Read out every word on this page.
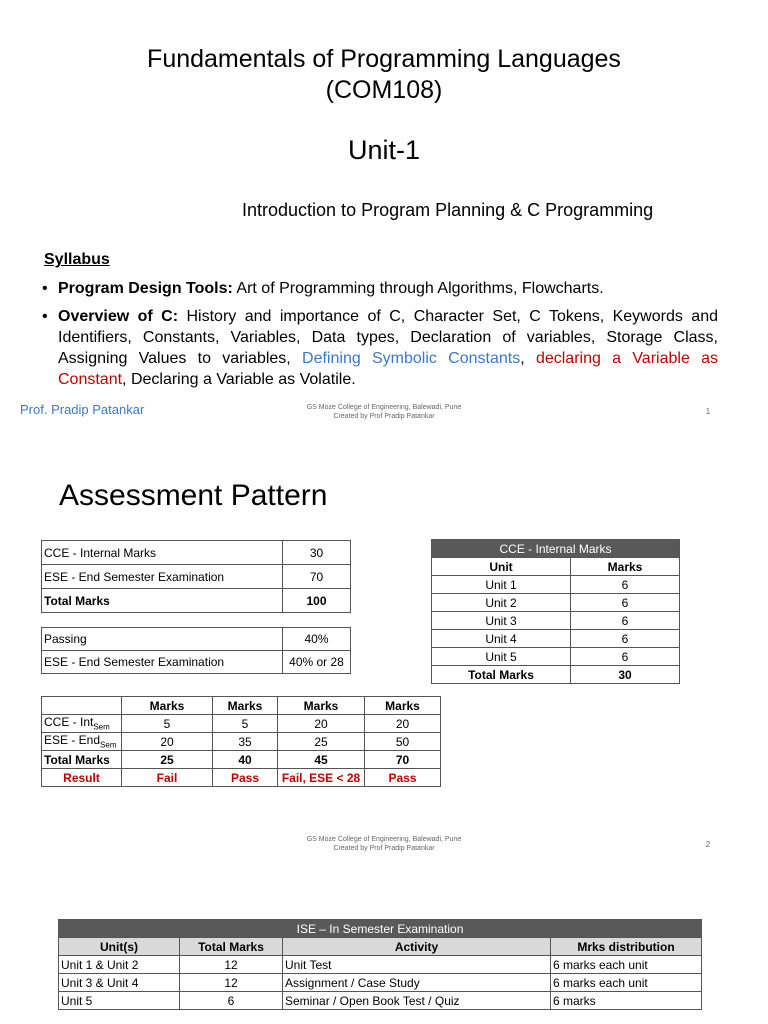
Fundamentals of Programming Languages
(COM108)
Unit-1
Introduction to Program Planning & C Programming
Syllabus
• Program Design Tools: Art of Programming through Algorithms, Flowcharts.
• Overview of C: History and importance of C, Character Set, C Tokens, Keywords and Identifiers, Constants, Variables, Data types, Declaration of variables, Storage Class, Assigning Values to variables, Defining Symbolic Constants, declaring a Variable as Constant, Declaring a Variable as Volatile.
Prof. Pradip Patankar	GS Moze College of Engineering, Balewadi, Pune
Created by Prof Pradip Patankar
1
Assessment Pattern
CCE - Internal Marks	30
ESE - End Semester Examination	70
Total Marks	100
Passing	40%
ESE - End Semester Examination	40% or 28
CCE - Internal Marks	
Unit	Marks
Unit 1	6
Unit 2	6
Unit 3	6
Unit 4	6
Unit 5	6
Total Marks	30
	Marks	Marks	Marks	Marks
CCE - Int$_{Sem}$	5	5	20	20
ESE - End$_{Sem}$	20	35	25	50
Total Marks	25	40	45	70
Result	Fail	Pass	Fail, ESE < 28	Pass
GS Moze College of Engineering, Balewadi, Pune
Created by Prof Pradip Patankar	2
ISE – In Semester Examination			
Unit(s)	Total Marks	Activity	Mrks distribution
Unit 1 & Unit 2	12	Unit Test	6 marks each unit
Unit 3 & Unit 4	12	Assignment / Case Study	6 marks each unit
Unit 5	6	Seminar / Open Book Test / Quiz	6 marks
